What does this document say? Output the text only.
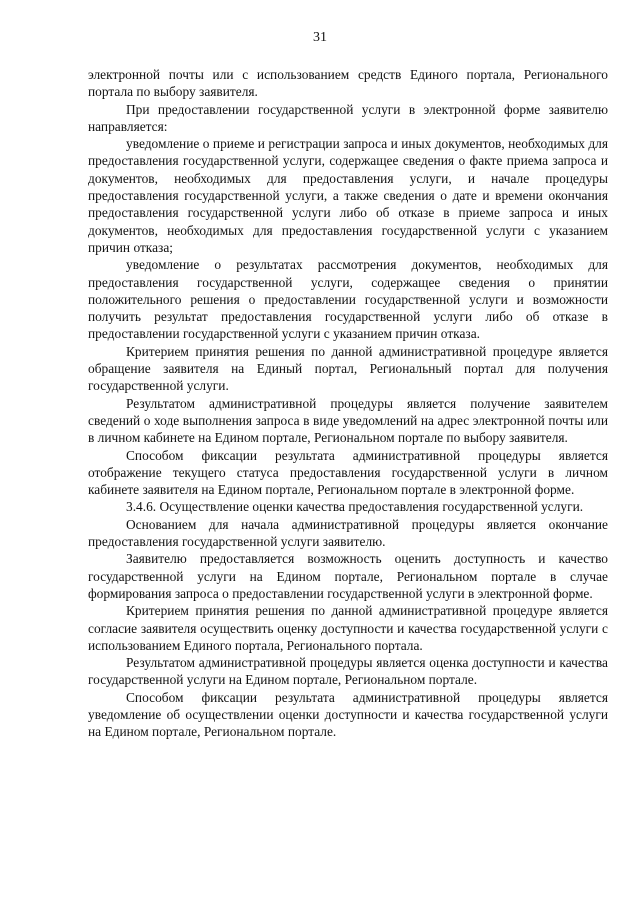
31

электронной почты или с использованием средств Единого портала, Регионального портала по выбору заявителя.

При предоставлении государственной услуги в электронной форме заявителю направляется:

уведомление о приеме и регистрации запроса и иных документов, необходимых для предоставления государственной услуги, содержащее сведения о факте приема запроса и документов, необходимых для предоставления услуги, и начале процедуры предоставления государственной услуги, а также сведения о дате и времени окончания предоставления государственной услуги либо об отказе в приеме запроса и иных документов, необходимых для предоставления государственной услуги с указанием причин отказа;

уведомление о результатах рассмотрения документов, необходимых для предоставления государственной услуги, содержащее сведения о принятии положительного решения о предоставлении государственной услуги и возможности получить результат предоставления государственной услуги либо об отказе в предоставлении государственной услуги с указанием причин отказа.

Критерием принятия решения по данной административной процедуре является обращение заявителя на Единый портал, Региональный портал для получения государственной услуги.

Результатом административной процедуры является получение заявителем сведений о ходе выполнения запроса в виде уведомлений на адрес электронной почты или в личном кабинете на Едином портале, Региональном портале по выбору заявителя.

Способом фиксации результата административной процедуры является отображение текущего статуса предоставления государственной услуги в личном кабинете заявителя на Едином портале, Региональном портале в электронной форме.

3.4.6. Осуществление оценки качества предоставления государственной услуги.

Основанием для начала административной процедуры является окончание предоставления государственной услуги заявителю.

Заявителю предоставляется возможность оценить доступность и качество государственной услуги на Едином портале, Региональном портале в случае формирования запроса о предоставлении государственной услуги в электронной форме.

Критерием принятия решения по данной административной процедуре является согласие заявителя осуществить оценку доступности и качества государственной услуги с использованием Единого портала, Регионального портала.

Результатом административной процедуры является оценка доступности и качества государственной услуги на Едином портале, Региональном портале.

Способом фиксации результата административной процедуры является уведомление об осуществлении оценки доступности и качества государственной услуги на Едином портале, Региональном портале.
